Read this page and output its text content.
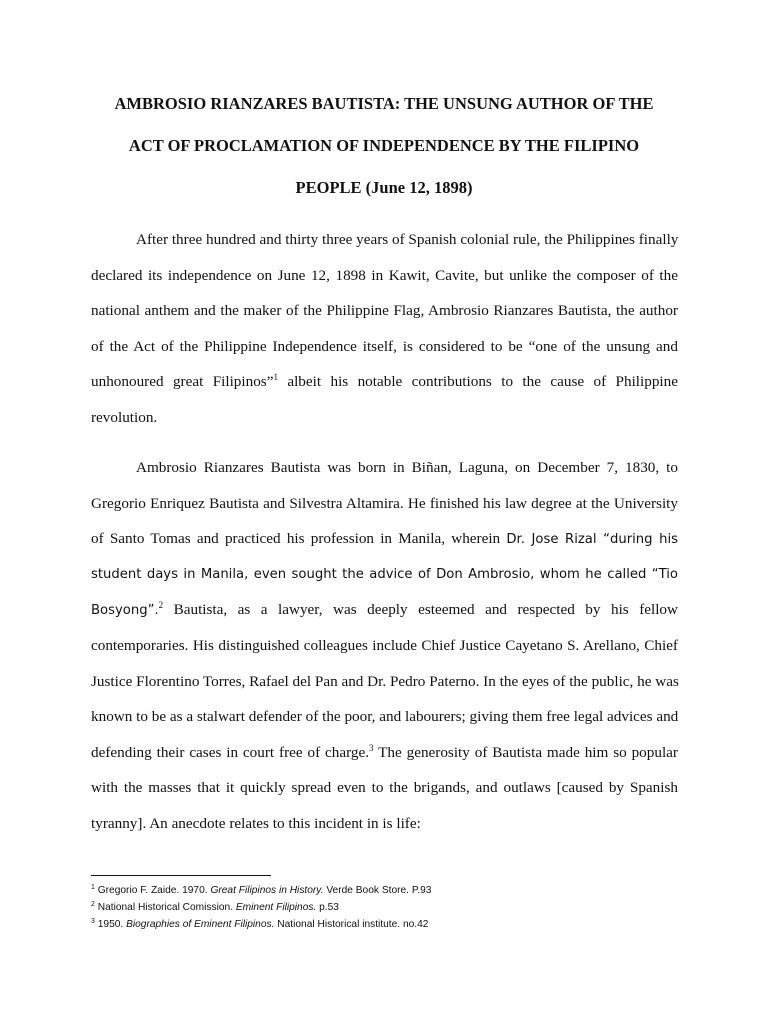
AMBROSIO RIANZARES BAUTISTA: THE UNSUNG AUTHOR OF THE
ACT OF PROCLAMATION OF INDEPENDENCE BY THE FILIPINO
PEOPLE (June 12, 1898)
After three hundred and thirty three years of Spanish colonial rule, the Philippines finally
declared its independence on June 12, 1898 in Kawit, Cavite, but unlike the composer of the
national anthem and the maker of the Philippine Flag, Ambrosio Rianzares Bautista, the author
of the Act of the Philippine Independence itself, is considered to be “one of the unsung and
unhonoured great Filipinos”$^1$ albeit his notable contributions to the cause of Philippine
revolution.
Ambrosio Rianzares Bautista was born in Biñan, Laguna, on December 7, 1830, to
Gregorio Enriquez Bautista and Silvestra Altamira. He finished his law degree at the University
of Santo Tomas and practiced his profession in Manila, wherein Dr. Jose Rizal “during his
student days in Manila, even sought the advice of Don Ambrosio, whom he called “Tio
Bosyong”.$^2$ Bautista, as a lawyer, was deeply esteemed and respected by his fellow
contemporaries. His distinguished colleagues include Chief Justice Cayetano S. Arellano, Chief
Justice Florentino Torres, Rafael del Pan and Dr. Pedro Paterno. In the eyes of the public, he was
known to be as a stalwart defender of the poor, and labourers; giving them free legal advices and
defending their cases in court free of charge.$^3$ The generosity of Bautista made him so popular
with the masses that it quickly spread even to the brigands, and outlaws [caused by Spanish
tyranny]. An anecdote relates to this incident in is life:
$^1$ Gregorio F. Zaide. 1970. Great Filipinos in History. Verde Book Store. P.93
$^2$ National Historical Comission. Eminent Filipinos. p.53
$^3$ 1950. Biographies of Eminent Filipinos. National Historical institute. no.42
